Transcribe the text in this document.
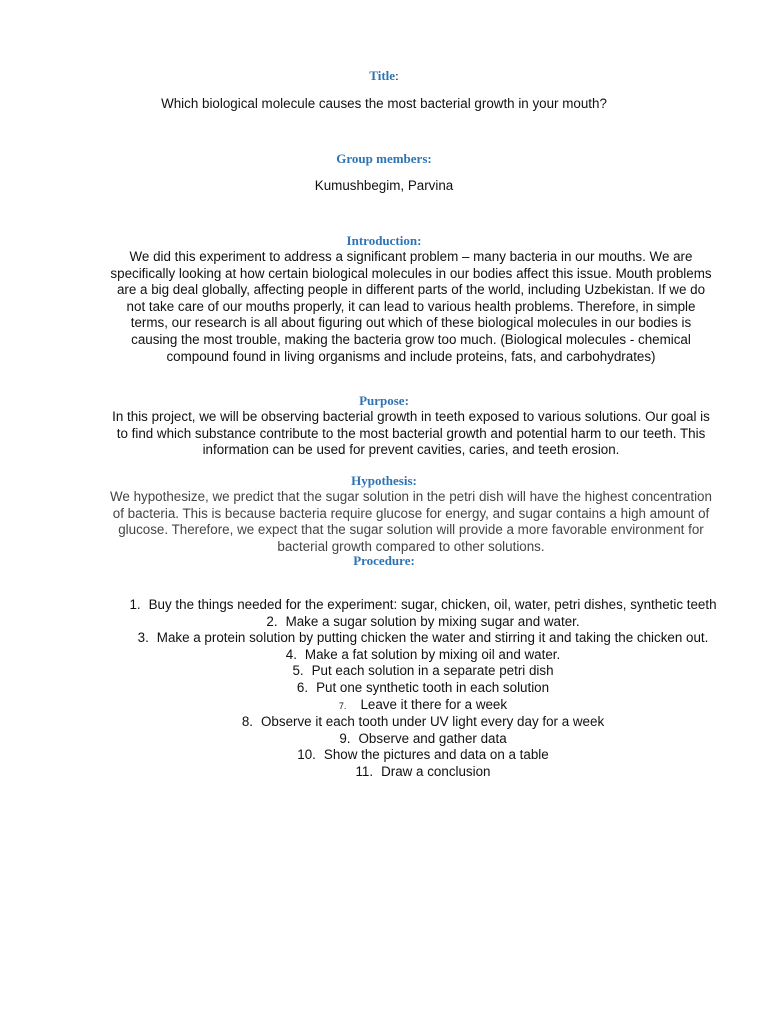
Title:

Which biological molecule causes the most bacterial growth in your mouth?

Group members:

Kumushbegim, Parvina

Introduction:

We did this experiment to address a significant problem – many bacteria in our mouths. We are specifically looking at how certain biological molecules in our bodies affect this issue. Mouth problems are a big deal globally, affecting people in different parts of the world, including Uzbekistan. If we do not take care of our mouths properly, it can lead to various health problems. Therefore, in simple terms, our research is all about figuring out which of these biological molecules in our bodies is causing the most trouble, making the bacteria grow too much. (Biological molecules - chemical compound found in living organisms and include proteins, fats, and carbohydrates)

Purpose:

In this project, we will be observing bacterial growth in teeth exposed to various solutions. Our goal is to find which substance contribute to the most bacterial growth and potential harm to our teeth. This information can be used for prevent cavities, caries, and teeth erosion.

Hypothesis:

We hypothesize, we predict that the sugar solution in the petri dish will have the highest concentration of bacteria. This is because bacteria require glucose for energy, and sugar contains a high amount of glucose. Therefore, we expect that the sugar solution will provide a more favorable environment for bacterial growth compared to other solutions.

Procedure:
1. Buy the things needed for the experiment: sugar, chicken, oil, water, petri dishes, synthetic teeth
2. Make a sugar solution by mixing sugar and water.
3. Make a protein solution by putting chicken the water and stirring it and taking the chicken out.
4. Make a fat solution by mixing oil and water.
5. Put each solution in a separate petri dish
6. Put one synthetic tooth in each solution
7. Leave it there for a week
8. Observe it each tooth under UV light every day for a week
9. Observe and gather data
10. Show the pictures and data on a table
11. Draw a conclusion
